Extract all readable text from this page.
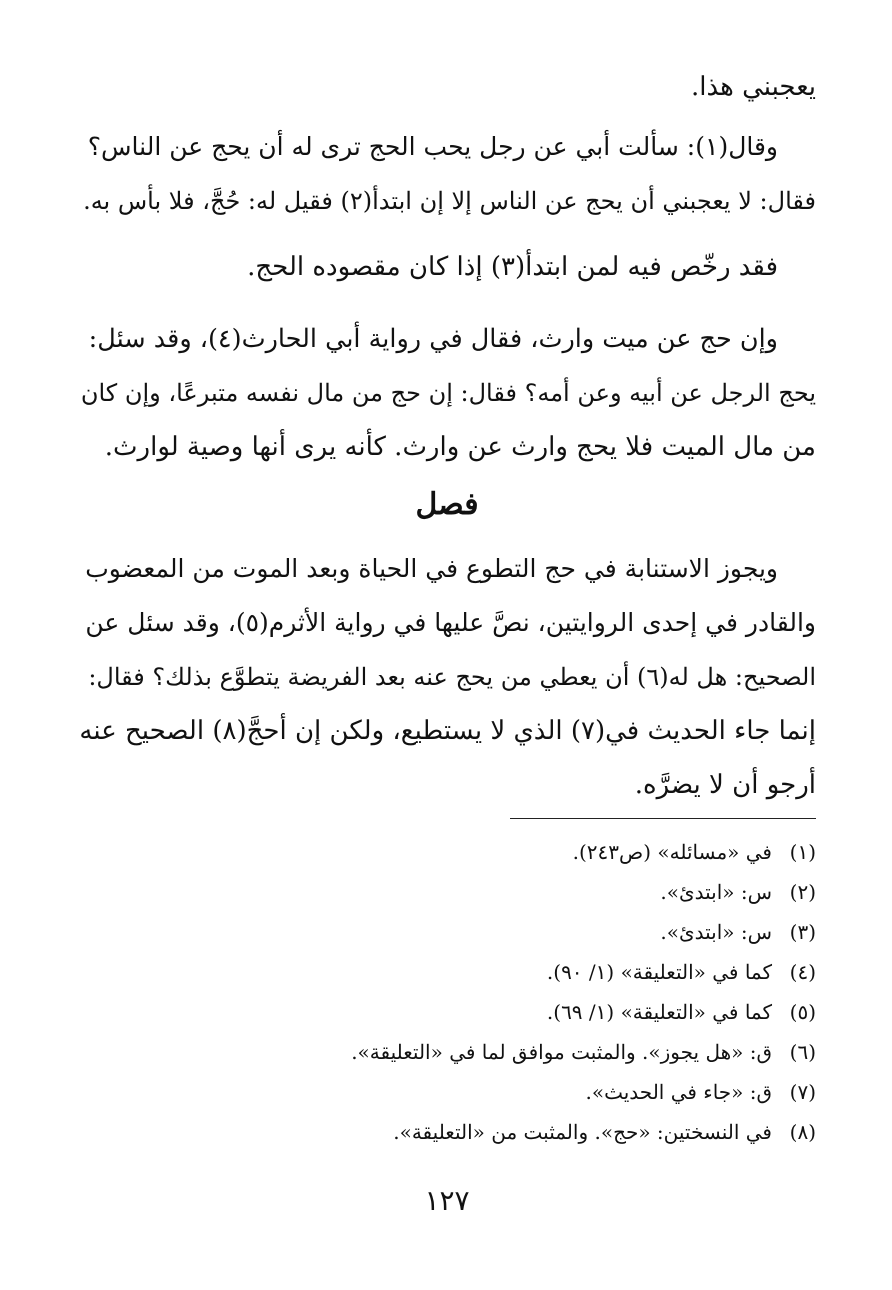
يعجبني هذا.
وقال(١): سألت أبي عن رجل يحب الحج ترى له أن يحج عن الناس؟
فقال: لا يعجبني أن يحج عن الناس إلا إن ابتدأ(٢) فقيل له: حُجَّ، فلا بأس به.
فقد رخّص فيه لمن ابتدأ(٣) إذا كان مقصوده الحج.
وإن حج عن ميت وارث، فقال في رواية أبي الحارث(٤)، وقد سئل:
يحج الرجل عن أبيه وعن أمه؟ فقال: إن حج من مال نفسه متبرعًا، وإن كان
من مال الميت فلا يحج وارث عن وارث. كأنه يرى أنها وصية لوارث.
فصل
ويجوز الاستنابة في حج التطوع في الحياة وبعد الموت من المعضوب
والقادر في إحدى الروايتين، نصَّ عليها في رواية الأثرم(٥)، وقد سئل عن
الصحيح: هل له(٦) أن يعطي من يحج عنه بعد الفريضة يتطوَّع بذلك؟ فقال:
إنما جاء الحديث في(٧) الذي لا يستطيع، ولكن إن أحجَّ(٨) الصحيح عنه
أرجو أن لا يضرَّه.
(١)في «مسائله» (ص٢٤٣).
(٢)س: «ابتدئ».
(٣)س: «ابتدئ».
(٤)كما في «التعليقة» (١/ ٩٠).
(٥)كما في «التعليقة» (١/ ٦٩).
(٦)ق: «هل يجوز». والمثبت موافق لما في «التعليقة».
(٧)ق: «جاء في الحديث».
(٨)في النسختين: «حج». والمثبت من «التعليقة».
١٢٧
